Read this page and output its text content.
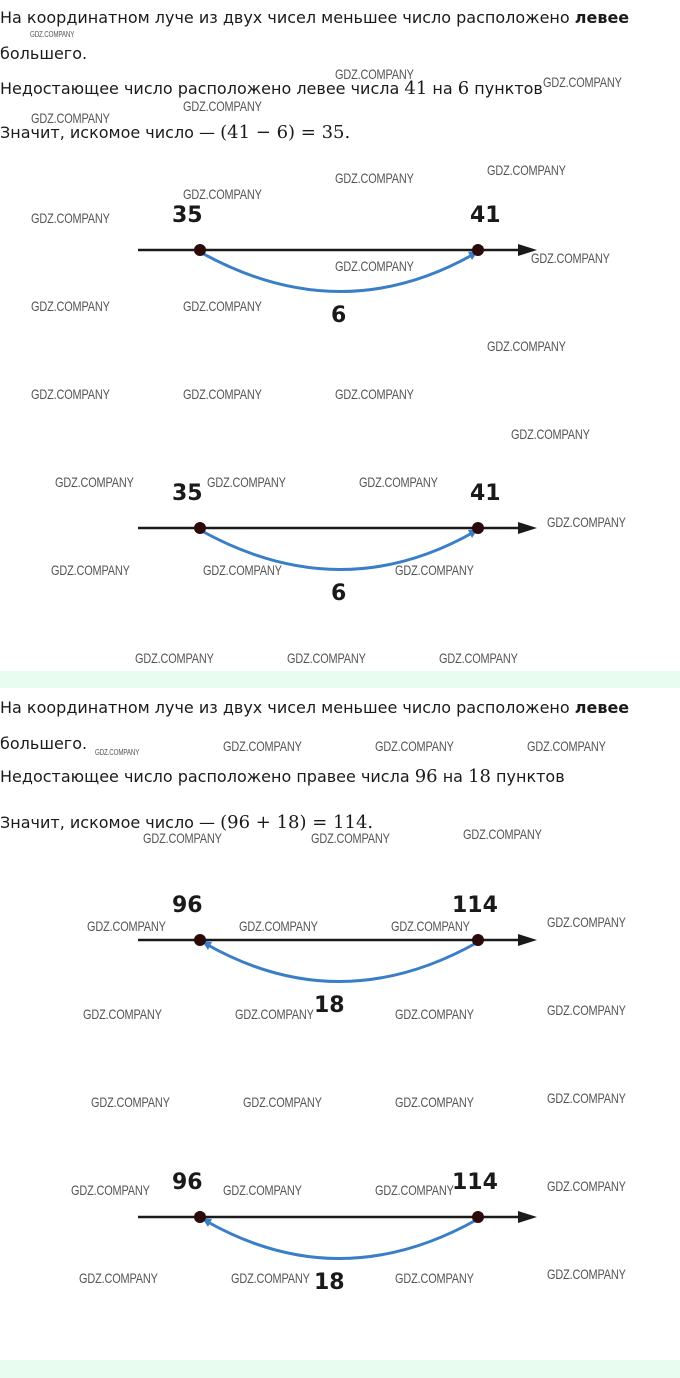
На координатном луче из двух чисел меньшее число расположено левее
большего.
Недостающее число расположено левее числа 41 на 6 пунктов
Значит, искомое число — (41 − 6) = 35.
35	41
6
35	41
6
На координатном луче из двух чисел меньшее число расположено левее
большего.
Недостающее число расположено правее числа 96 на 18 пунктов
Значит, искомое число — (96 + 18) = 114.
96	114
18
96	114
18
GDZ.COMPANY
GDZ.COMPANY	GDZ.COMPANY
GDZ.COMPANY
GDZ.COMPANY
GDZ.COMPANY
GDZ.COMPANY
GDZ.COMPANY
GDZ.COMPANY
GDZ.COMPANY
GDZ.COMPANY
GDZ.COMPANY	GDZ.COMPANY
GDZ.COMPANY
GDZ.COMPANY	GDZ.COMPANY	GDZ.COMPANY
GDZ.COMPANY
GDZ.COMPANY	GDZ.COMPANY	GDZ.COMPANY
GDZ.COMPANY
GDZ.COMPANY	GDZ.COMPANY	GDZ.COMPANY
GDZ.COMPANY	GDZ.COMPANY	GDZ.COMPANY
GDZ.COMPANY	GDZ.COMPANY	GDZ.COMPANY	GDZ.COMPANY
GDZ.COMPANY
GDZ.COMPANY	GDZ.COMPANY
GDZ.COMPANY	GDZ.COMPANY	GDZ.COMPANY	GDZ.COMPANY
GDZ.COMPANY	GDZ.COMPANY	GDZ.COMPANY	GDZ.COMPANY
GDZ.COMPANY	GDZ.COMPANY	GDZ.COMPANY	GDZ.COMPANY
GDZ.COMPANY	GDZ.COMPANY	GDZ.COMPANY	GDZ.COMPANY
GDZ.COMPANY	GDZ.COMPANY	GDZ.COMPANY	GDZ.COMPANY
